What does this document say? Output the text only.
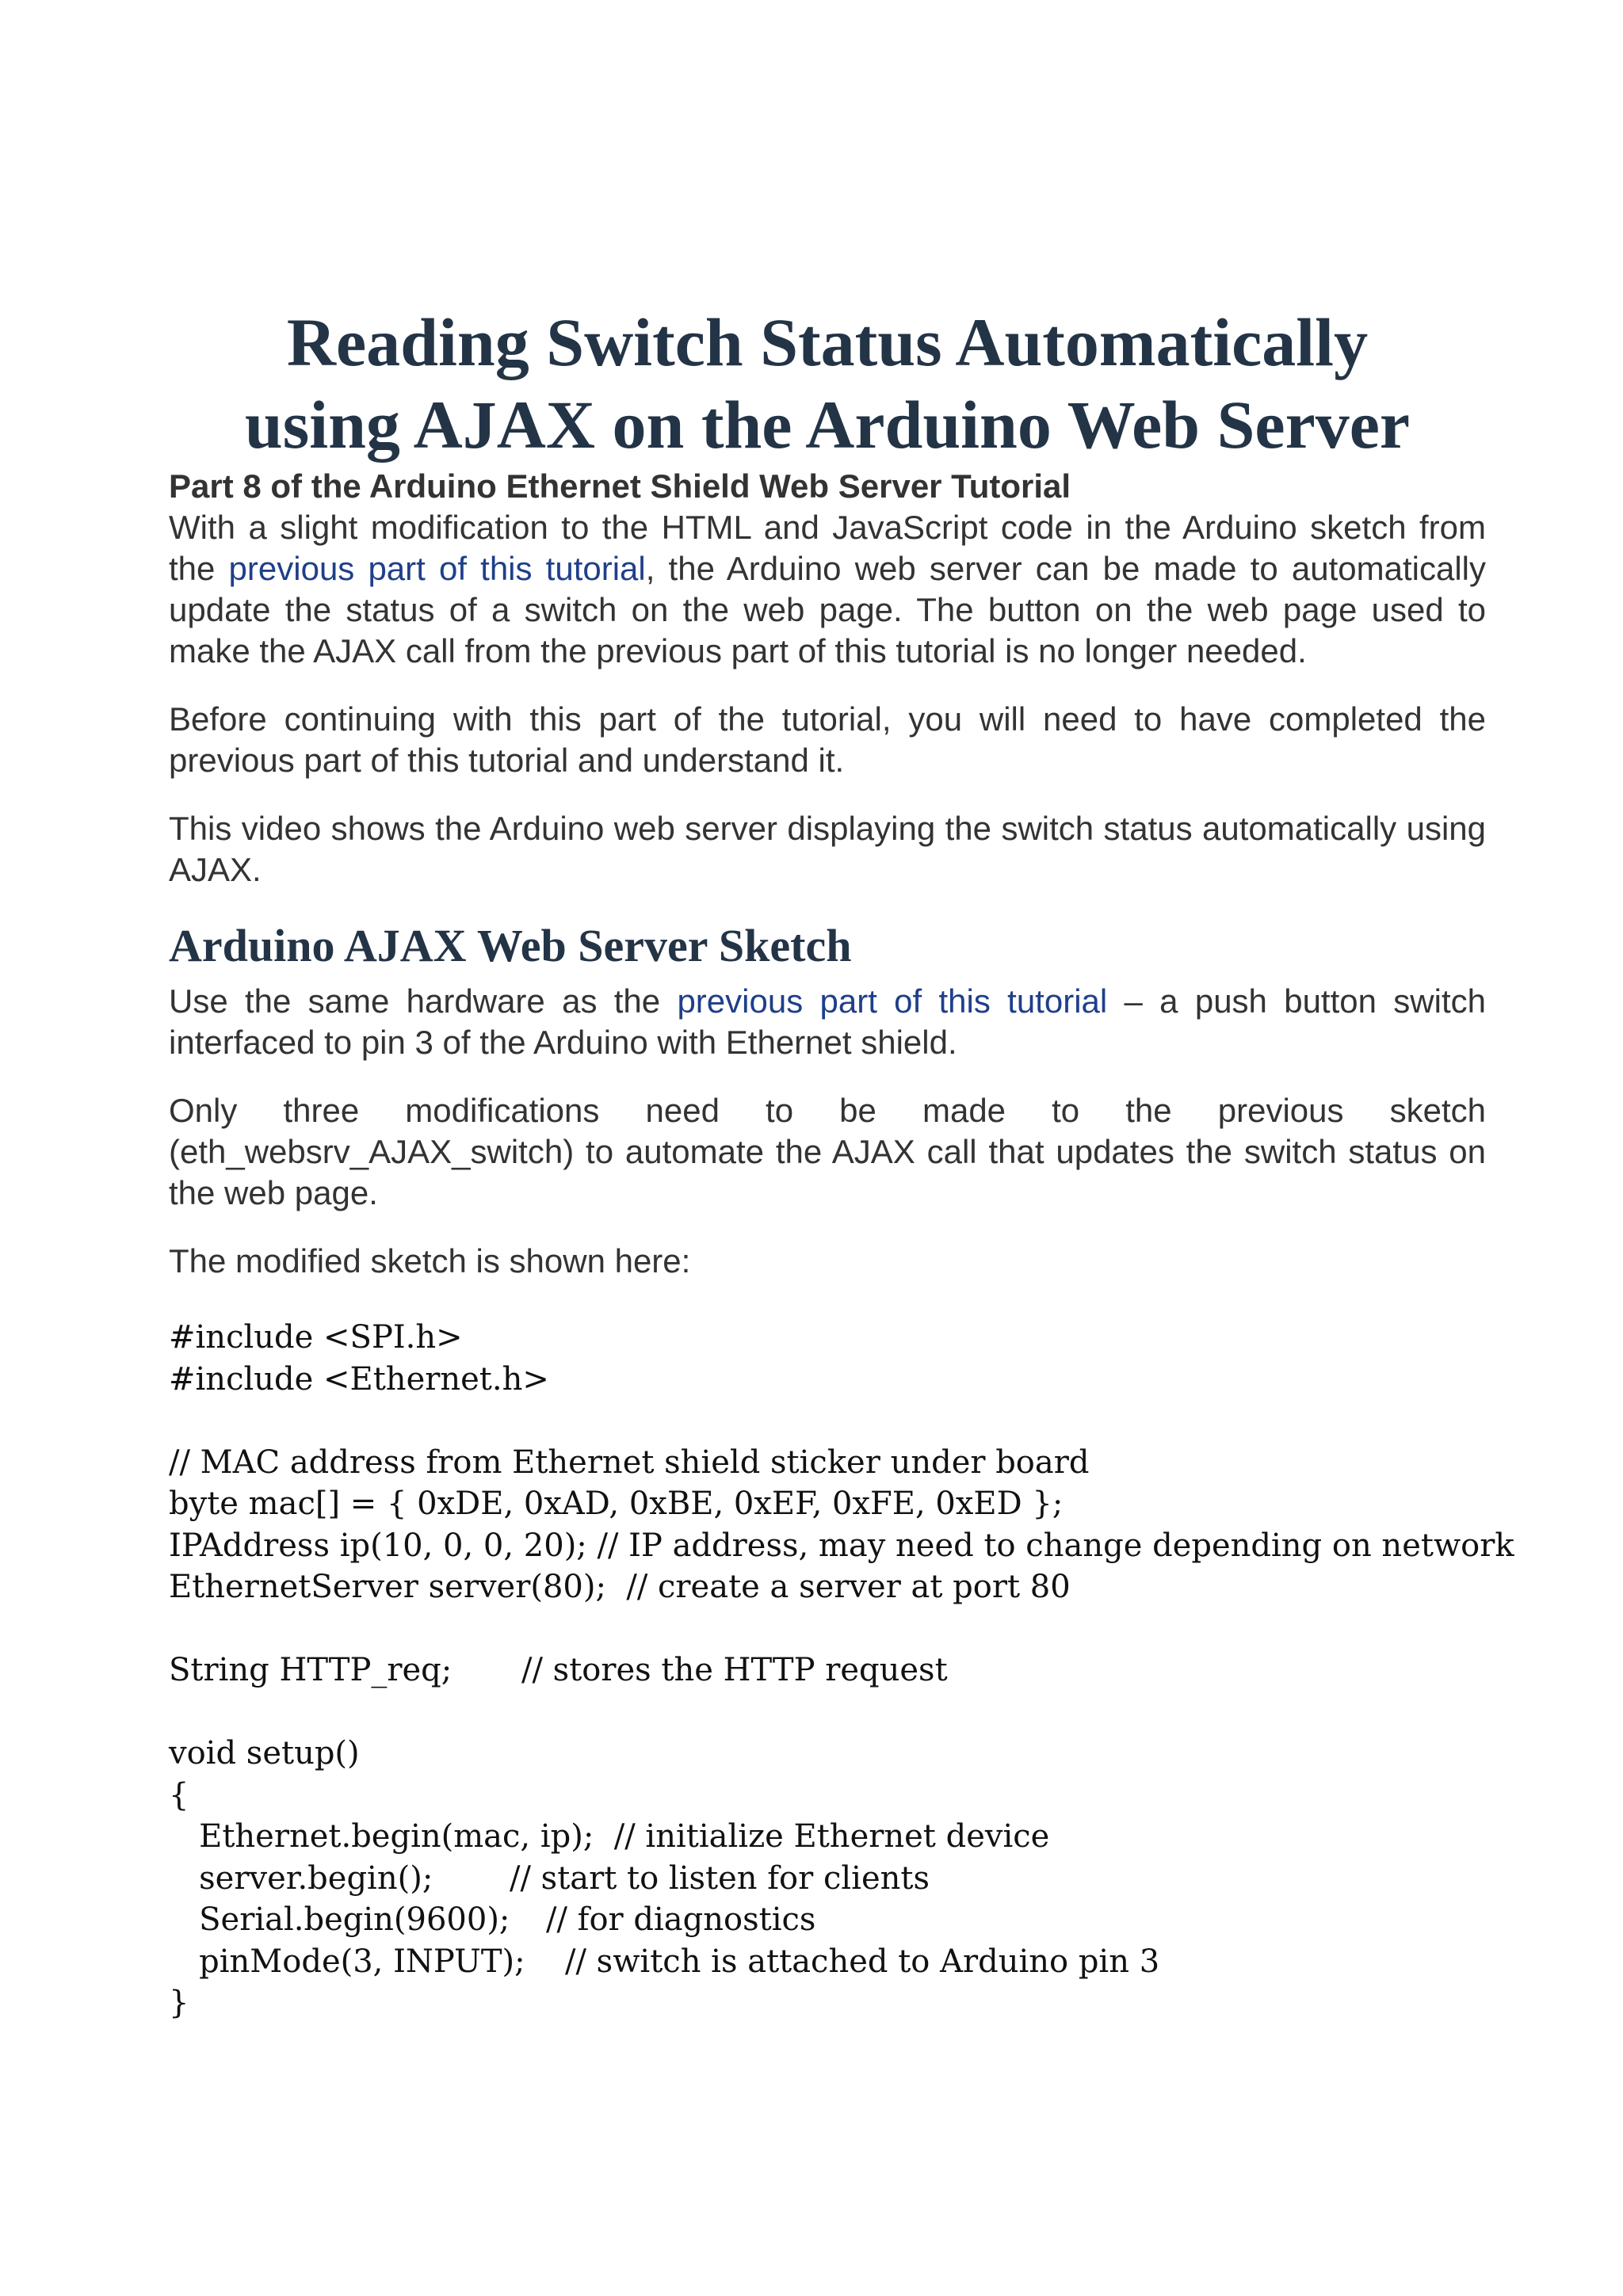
Reading Switch Status Automatically
using AJAX on the Arduino Web Server

Part 8 of the Arduino Ethernet Shield Web Server Tutorial

With a slight modification to the HTML and JavaScript code in the Arduino sketch from the previous part of this tutorial, the Arduino web server can be made to automatically update the status of a switch on the web page. The button on the web page used to make the AJAX call from the previous part of this tutorial is no longer needed.

Before continuing with this part of the tutorial, you will need to have completed the previous part of this tutorial and understand it.

This video shows the Arduino web server displaying the switch status automatically using AJAX.

Arduino AJAX Web Server Sketch

Use the same hardware as the previous part of this tutorial – a push button switch interfaced to pin 3 of the Arduino with Ethernet shield.

Only three modifications need to be made to the previous sketch (eth_websrv_AJAX_switch) to automate the AJAX call that updates the switch status on the web page.

The modified sketch is shown here:

#include <SPI.h>
#include <Ethernet.h>
// MAC address from Ethernet shield sticker under board
byte mac[] = { 0xDE, 0xAD, 0xBE, 0xEF, 0xFE, 0xED };
IPAddress ip(10, 0, 0, 20); // IP address, may need to change depending on network
EthernetServer server(80);  // create a server at port 80
String HTTP_req; // stores the HTTP request
void setup()
{
Ethernet.begin(mac, ip);  // initialize Ethernet device
server.begin(); // start to listen for clients
Serial.begin(9600); // for diagnostics
pinMode(3, INPUT); // switch is attached to Arduino pin 3
}
